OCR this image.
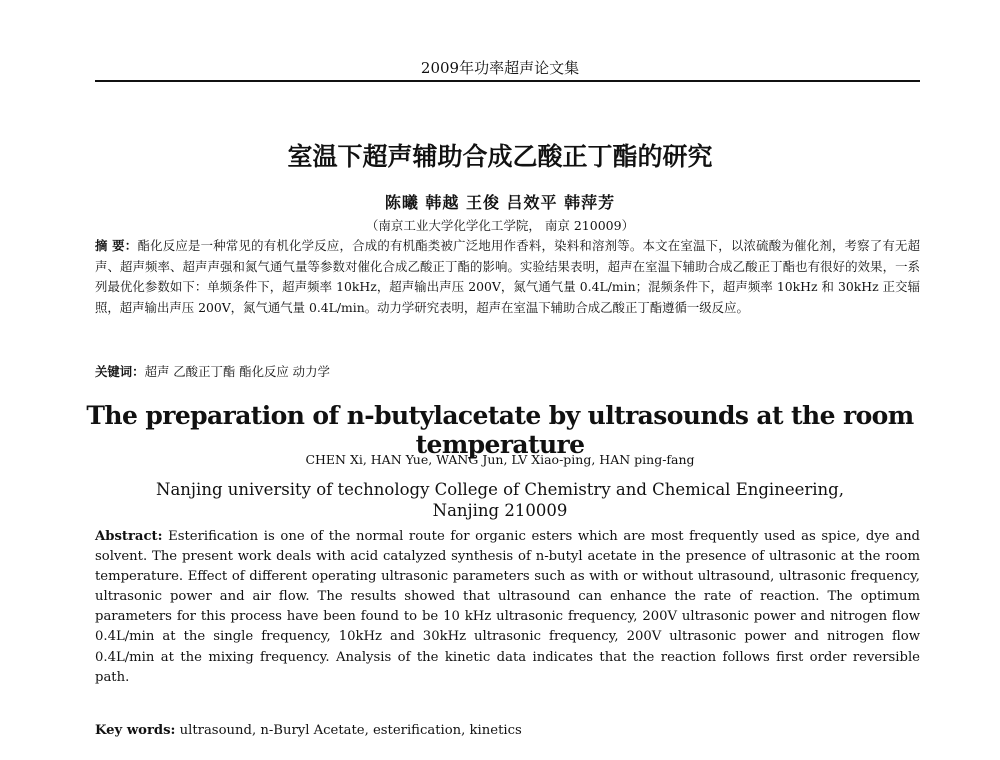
2009年功率超声论文集
室温下超声辅助合成乙酸正丁酯的研究
陈曦 韩越 王俊 吕效平 韩萍芳
（南京工业大学化学化工学院， 南京 210009）
摘 要：酯化反应是一种常见的有机化学反应，合成的有机酯类被广泛地用作香料，染料和溶剂等。本文在室温下，以浓硫酸为催化剂，考察了有无超声、超声频率、超声声强和氮气通气量等参数对催化合成乙酸正丁酯的影响。实验结果表明，超声在室温下辅助合成乙酸正丁酯也有很好的效果，一系列最优化参数如下：单频条件下，超声频率 10kHz，超声输出声压 200V，氮气通气量 0.4L/min；混频条件下，超声频率 10kHz 和 30kHz 正交辐照，超声输出声压 200V，氮气通气量 0.4L/min。动力学研究表明，超声在室温下辅助合成乙酸正丁酯遵循一级反应。
关键词：超声 乙酸正丁酯 酯化反应 动力学
The preparation of n-butylacetate by ultrasounds at the room temperature
CHEN Xi, HAN Yue, WANG Jun, LV Xiao-ping, HAN ping-fang
Nanjing university of technology College of Chemistry and Chemical Engineering,
Nanjing 210009
Abstract: Esterification is one of the normal route for organic esters which are most frequently used as spice, dye and solvent. The present work deals with acid catalyzed synthesis of n-butyl acetate in the presence of ultrasonic at the room temperature. Effect of different operating ultrasonic parameters such as with or without ultrasound, ultrasonic frequency, ultrasonic power and air flow. The results showed that ultrasound can enhance the rate of reaction. The optimum parameters for this process have been found to be 10 kHz ultrasonic frequency, 200V ultrasonic power and nitrogen flow 0.4L/min at the single frequency, 10kHz and 30kHz ultrasonic frequency, 200V ultrasonic power and nitrogen flow 0.4L/min at the mixing frequency. Analysis of the kinetic data indicates that the reaction follows first order reversible path.
Key words: ultrasound, n-Buryl Acetate, esterification, kinetics
